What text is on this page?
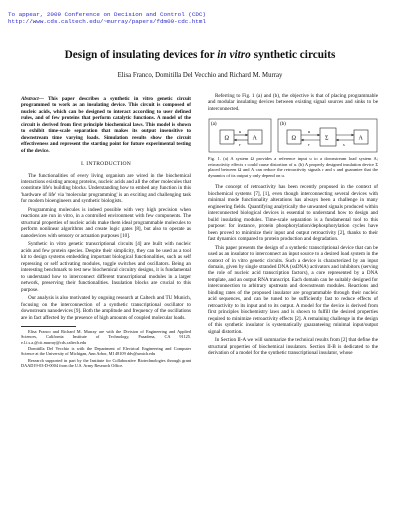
To appear, 2009 Conference on Decision and Control (CDC)
http://www.cds.caltech.edu/~murray/papers/fdm09-cdc.html
Design of insulating devices for in vitro synthetic circuits
Elisa Franco, Domitilla Del Vecchio and Richard M. Murray
Abstract— This paper describes a synthetic in vitro genetic circuit programmed to work as an insulating device. This circuit is composed of nucleic acids, which can be designed to interact according to user defined rules, and of few proteins that perform catalytic functions. A model of the circuit is derived from first principle biochemical laws. This model is shown to exhibit time-scale separation that makes its output insensitive to downstream time varying loads. Simulation results show the circuit effectiveness and represent the starting point for future experimental testing of the device.
I. INTRODUCTION

The functionalities of every living organism are wired in the biochemical interactions existing among proteins, nucleic acids and all the other molecules that constitute life's building blocks. Understanding how to embed any function in this 'hardware of life' via 'molecular programming' is an exciting and challenging task for modern bioengineers and synthetic biologists.

Programming molecules is indeed possible with very high precision when reactions are run in vitro, in a controlled environment with few components. The structural properties of nucleic acids make them ideal programmable molecules to perform nonlinear algorithms and create logic gates [8], but also to operate as nanodevices with sensory or actuation purposes [10].

Synthetic in vitro genetic transcriptional circuits [4] are built with nucleic acids and few protein species. Despite their simplicity, they can be used as a tool kit to design systems embedding important biological functionalities, such as self repressing or self activating modules, toggle switches and oscillators. Being an interesting benchmark to test new biochemical circuitry designs, it is fundamental to understand how to interconnect different transcriptional modules in a larger network, preserving their functionalities. Insulation blocks are crucial to this purpose.

Our analysis is also motivated by ongoing research at Caltech and TU Munich, focusing on the interconnection of a synthetic transcriptional oscillator to downstream nanodevices [9]. Both the amplitude and frequency of the oscillations are in fact affected by the presence of high amounts of coupled molecular loads.

Elisa Franco and Richard M. Murray are with the Division of Engineering and Applied Sciences, California Institute of Technology, Pasadena, CA 91125. e.l.i.s.a.@cit.murray@cds.caltech.edu

Domitilla Del Vecchio is with the Department of Electrical Engineering and Computer Science at the University of Michigan, Ann Arbor, MI 48109 ddv@umich.edu

Research supported in part by the Institute for Collaborative Biotechnologies through grant DAAD19-03-D-0004 from the U.S. Army Research Office.

Referring to Fig. 1 (a) and (b), the objective is that of placing programmable and modular insulating devices between existing signal sources and sinks to be interconnected.

(a)
Ω	A
u
r
(b)
Ω	Σ	A
u
r	s
Fig. 1. (a) A system Ω provides a reference input u to a downstream load system A; retroactivity effects r could cause distortion of u. (b) A properly designed insulation device Σ placed between Ω and A can reduce the retroactivity signals r and s and guarantee that the dynamics of its output y only depend on u.

The concept of retroactivity has been recently proposed in the context of biochemical systems [7], [1], even though interconnecting several devices with minimal mode functionality alterations has always been a challenge in many engineering fields. Quantifying analytically the unwanted signals produced within interconnected biological devices is essential to understand how to design and build insulating modules. Time-scale separation is a fundamental tool to this purpose: for instance, protein phosphorylation/dephosphorylation cycles have been proved to minimize their input and output retroactivity [2], thanks to their fast dynamics compared to protein production and degradation.

This paper presents the design of a synthetic transcriptional device that can be used as an insulator to interconnect an input source to a desired load system in the context of in vitro genetic circuits. Such a device is characterized by an input domain, given by single stranded DNA (ssDNA) activators and inhibitors (serving the role of nucleic acid transcription factors), a core represented by a DNA template, and an output RNA transcript. Each domain can be suitably designed for interconnection to arbitrary upstream and downstream modules. Reactions and binding rates of the proposed insulator are programmable through their nucleic acid sequences, and can be tuned to be sufficiently fast to reduce effects of retroactivity to its input and to its output. A model for the device is derived from first principles biochemistry laws and is shown to fulfill the desired properties required to minimize retroactivity effects [2]. A remaining challenge in the design of this synthetic insulator is systematically guaranteeing minimal input/output signal distortion.

In Section II-A we will summarize the technical results from [2] that define the structural properties of biochemical insulators. Section II-B is dedicated to the derivation of a model for the synthetic transcriptional insulator, whose
